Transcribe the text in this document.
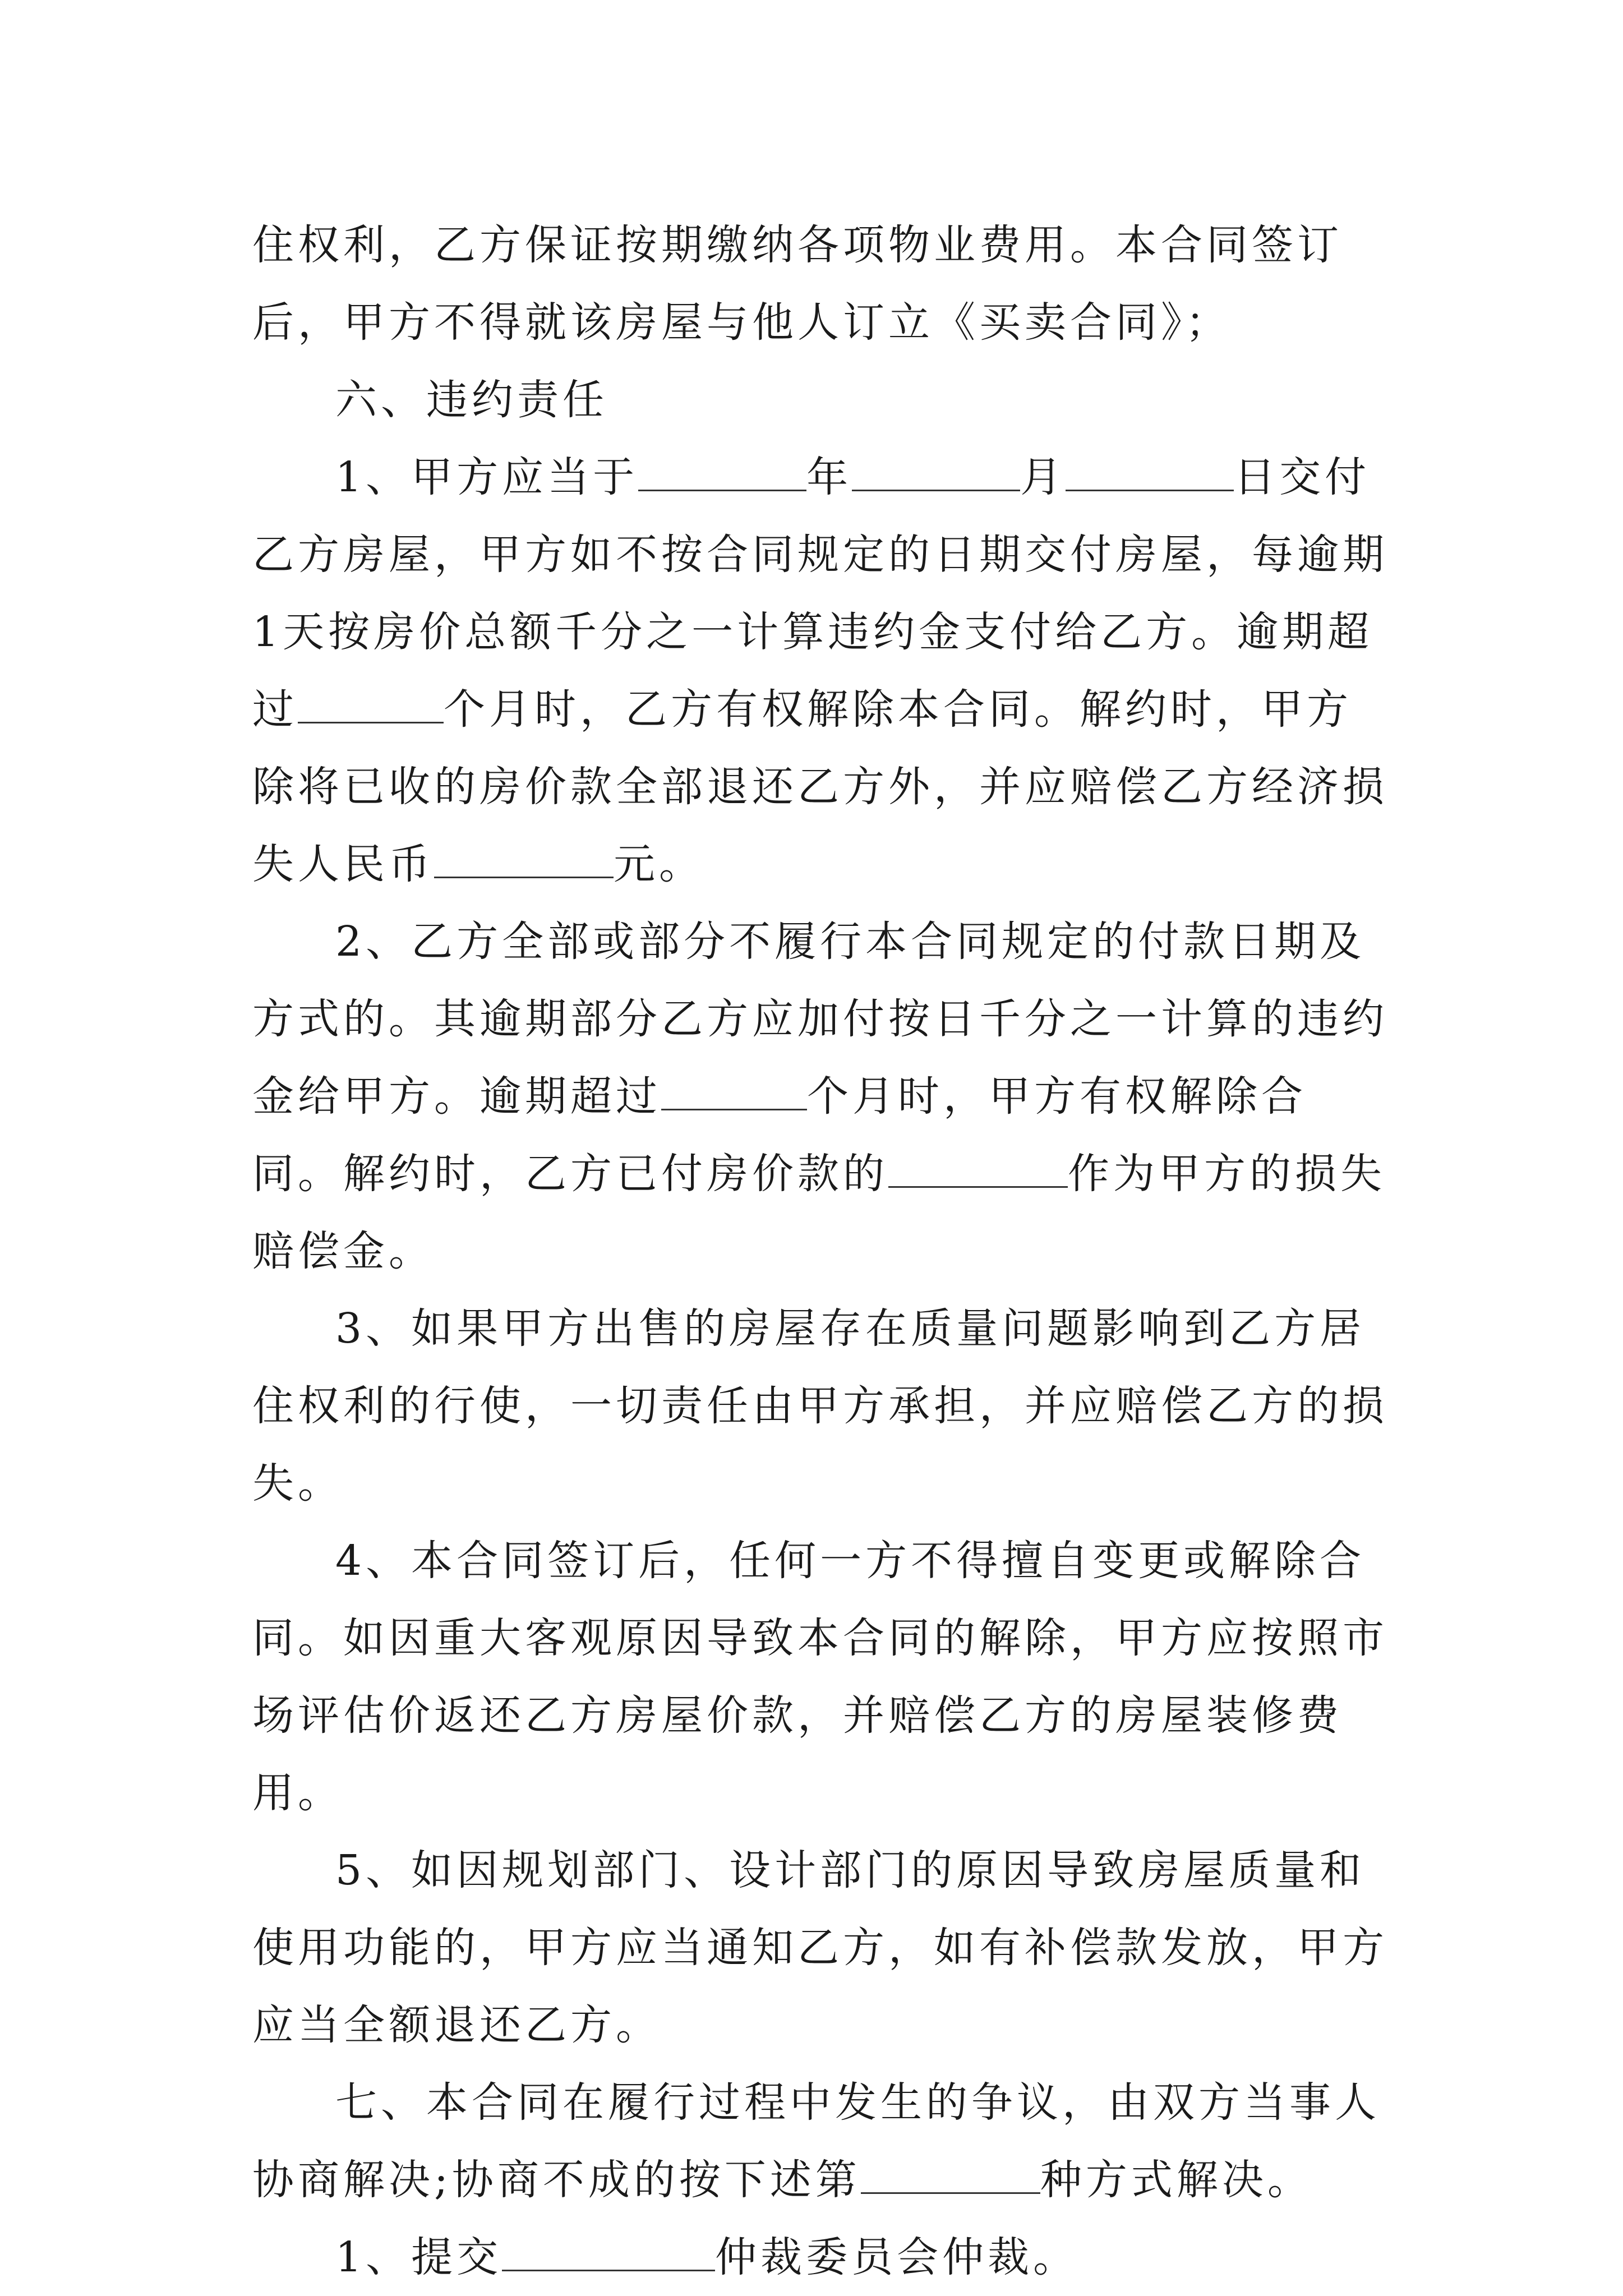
住权利，乙方保证按期缴纳各项物业费用。本合同签订后，甲方不得就该房屋与他人订立《买卖合同》；

六、违约责任

1、甲方应当于	年	月	日交付乙方房屋，甲方如不按合同规定的日期交付房屋，每逾期1天按房价总额千分之一计算违约金支付给乙方。逾期超过	个月时，乙方有权解除本合同。解约时，甲方除将已收的房价款全部退还乙方外，并应赔偿乙方经济损失人民币	元。

2、乙方全部或部分不履行本合同规定的付款日期及方式的。其逾期部分乙方应加付按日千分之一计算的违约金给甲方。逾期超过	个月时，甲方有权解除合同。解约时，乙方已付房价款的	作为甲方的损失赔偿金。

3、如果甲方出售的房屋存在质量问题影响到乙方居住权利的行使，一切责任由甲方承担，并应赔偿乙方的损失。

4、本合同签订后，任何一方不得擅自变更或解除合同。如因重大客观原因导致本合同的解除，甲方应按照市场评估价返还乙方房屋价款，并赔偿乙方的房屋装修费用。

5、如因规划部门、设计部门的原因导致房屋质量和使用功能的，甲方应当通知乙方，如有补偿款发放，甲方应当全额退还乙方。

七、本合同在履行过程中发生的争议，由双方当事人协商解决;协商不成的按下述第	种方式解决。

1、提交	仲裁委员会仲裁。
